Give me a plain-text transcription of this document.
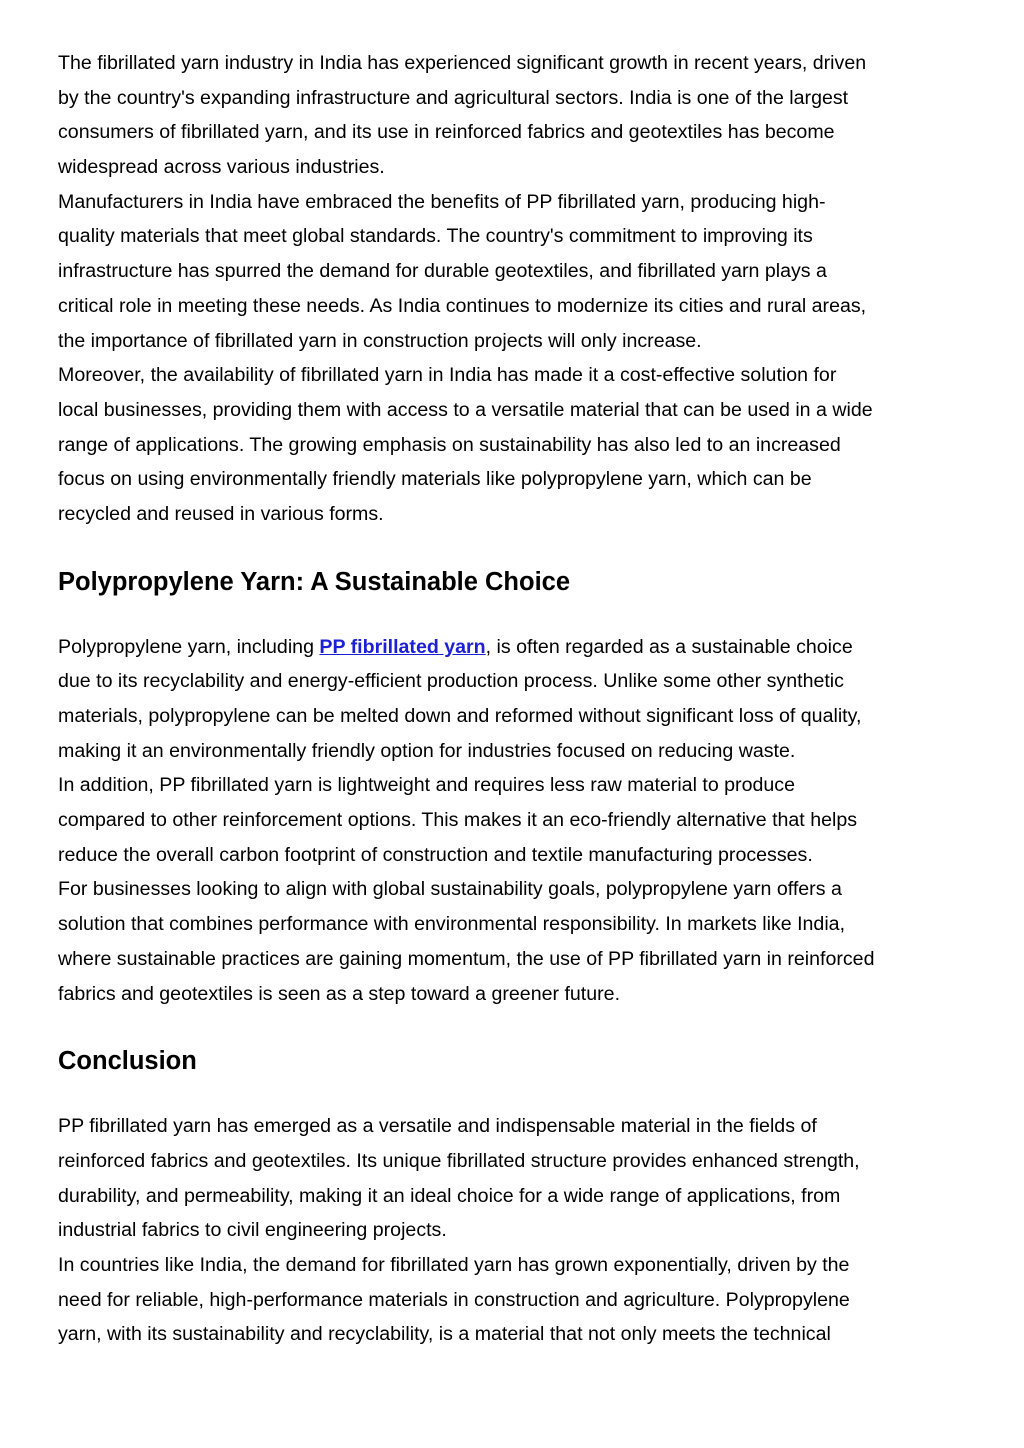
The fibrillated yarn industry in India has experienced significant growth in recent years, driven
by the country's expanding infrastructure and agricultural sectors. India is one of the largest
consumers of fibrillated yarn, and its use in reinforced fabrics and geotextiles has become
widespread across various industries.

Manufacturers in India have embraced the benefits of PP fibrillated yarn, producing high-
quality materials that meet global standards. The country's commitment to improving its
infrastructure has spurred the demand for durable geotextiles, and fibrillated yarn plays a
critical role in meeting these needs. As India continues to modernize its cities and rural areas,
the importance of fibrillated yarn in construction projects will only increase.

Moreover, the availability of fibrillated yarn in India has made it a cost-effective solution for
local businesses, providing them with access to a versatile material that can be used in a wide
range of applications. The growing emphasis on sustainability has also led to an increased
focus on using environmentally friendly materials like polypropylene yarn, which can be
recycled and reused in various forms.

Polypropylene Yarn: A Sustainable Choice

Polypropylene yarn, including PP fibrillated yarn, is often regarded as a sustainable choice
due to its recyclability and energy-efficient production process. Unlike some other synthetic
materials, polypropylene can be melted down and reformed without significant loss of quality,
making it an environmentally friendly option for industries focused on reducing waste.

In addition, PP fibrillated yarn is lightweight and requires less raw material to produce
compared to other reinforcement options. This makes it an eco-friendly alternative that helps
reduce the overall carbon footprint of construction and textile manufacturing processes.

For businesses looking to align with global sustainability goals, polypropylene yarn offers a
solution that combines performance with environmental responsibility. In markets like India,
where sustainable practices are gaining momentum, the use of PP fibrillated yarn in reinforced
fabrics and geotextiles is seen as a step toward a greener future.

Conclusion

PP fibrillated yarn has emerged as a versatile and indispensable material in the fields of
reinforced fabrics and geotextiles. Its unique fibrillated structure provides enhanced strength,
durability, and permeability, making it an ideal choice for a wide range of applications, from
industrial fabrics to civil engineering projects.

In countries like India, the demand for fibrillated yarn has grown exponentially, driven by the
need for reliable, high-performance materials in construction and agriculture. Polypropylene
yarn, with its sustainability and recyclability, is a material that not only meets the technical
